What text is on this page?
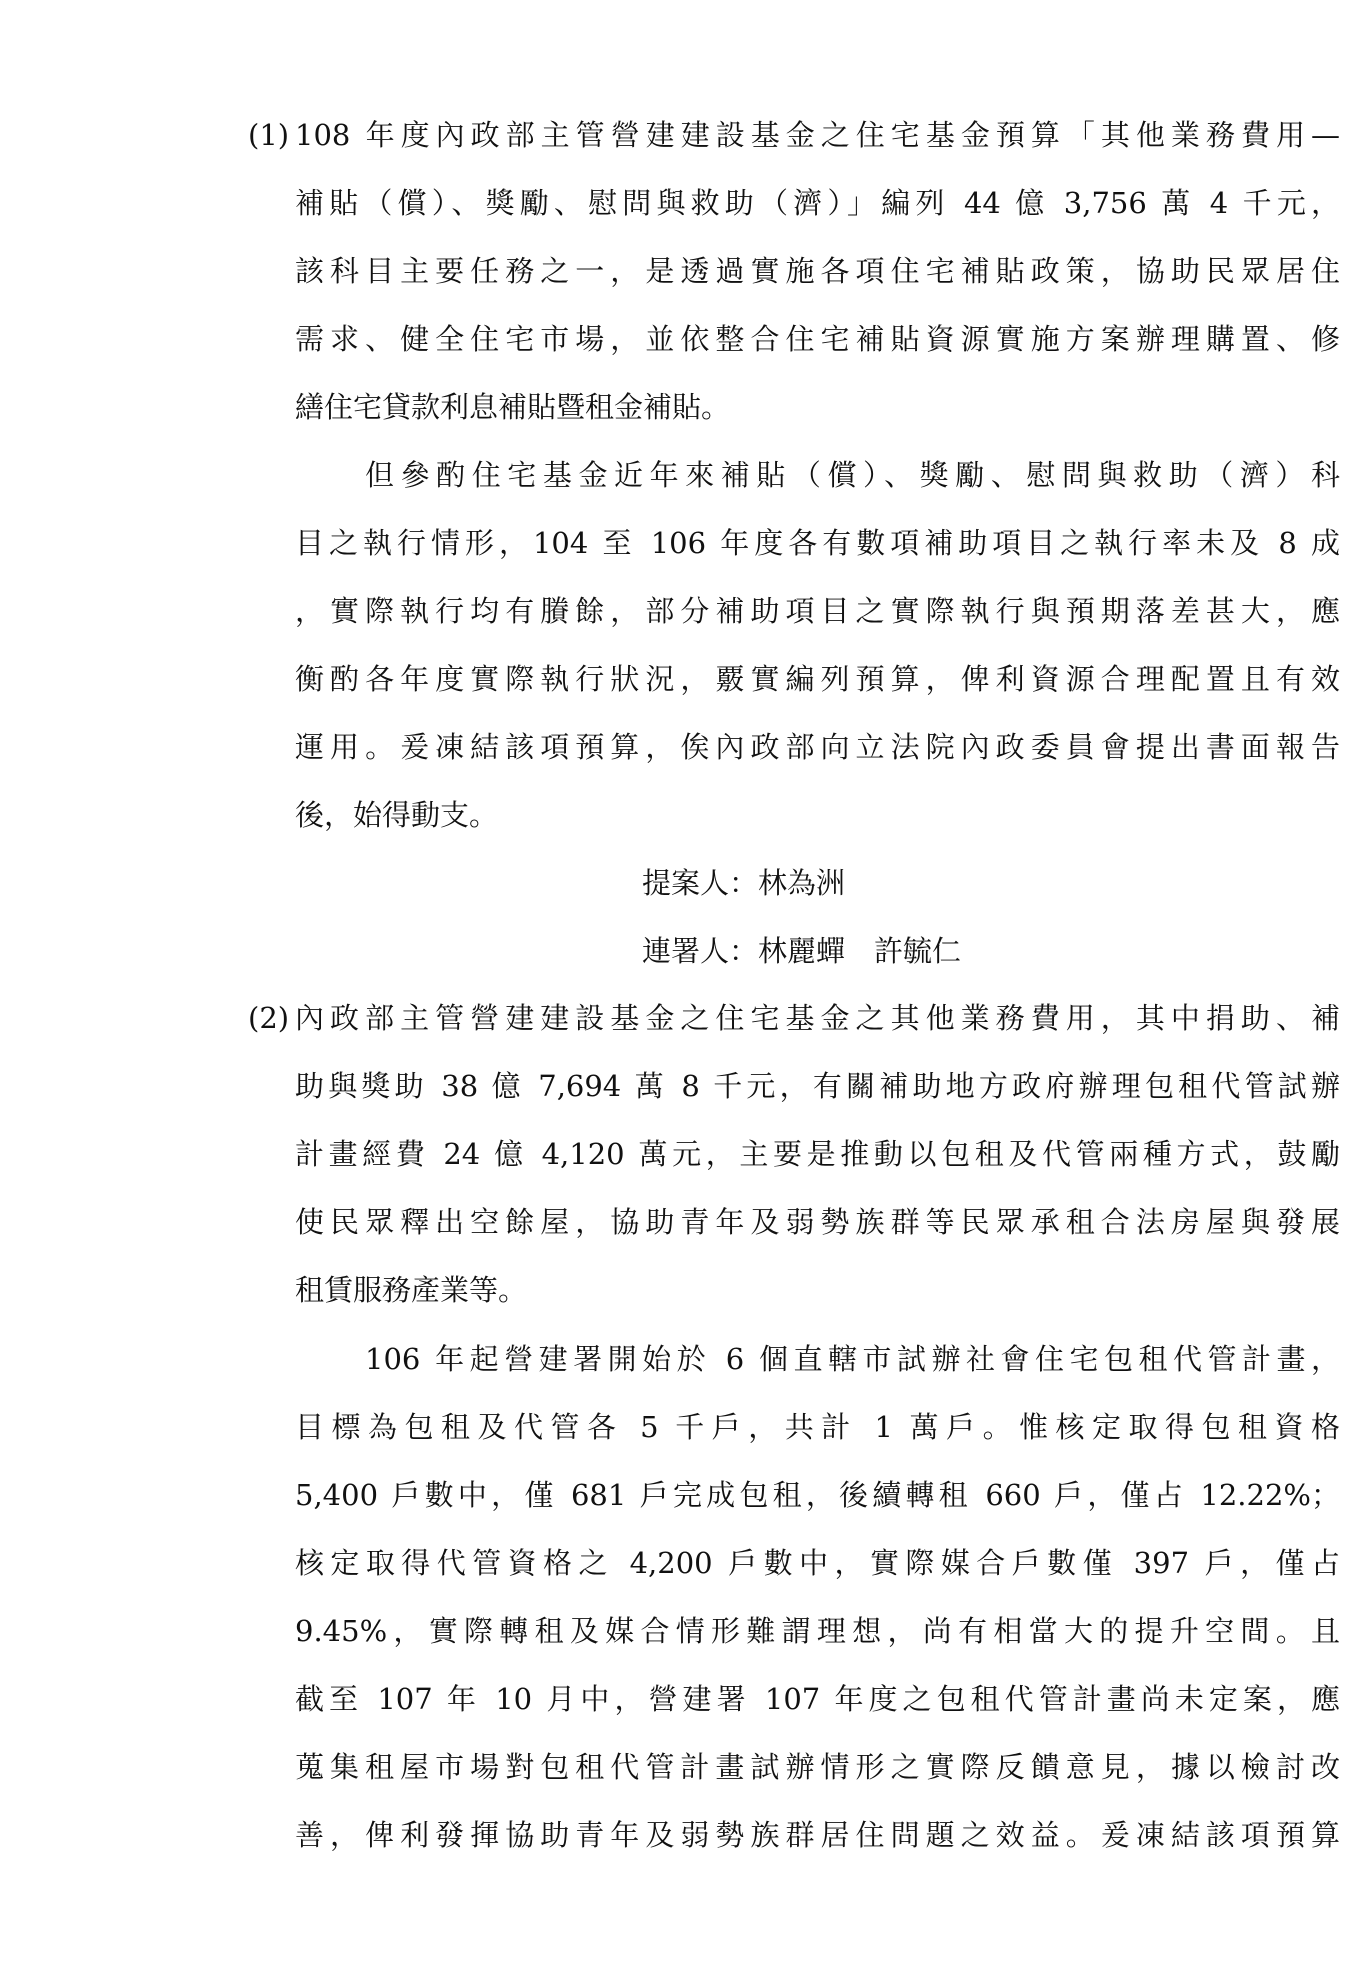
(1) 108 年度內政部主管營建建設基金之住宅基金預算「其他業務費用—
補貼（償）、獎勵、慰問與救助（濟）」編列 44 億 3,756 萬 4 千元，
該科目主要任務之一，是透過實施各項住宅補貼政策，協助民眾居住
需求、健全住宅市場，並依整合住宅補貼資源實施方案辦理購置、修
繕住宅貸款利息補貼暨租金補貼。
但參酌住宅基金近年來補貼（償）、獎勵、慰問與救助（濟）科
目之執行情形，104 至 106 年度各有數項補助項目之執行率未及 8 成
，實際執行均有賸餘，部分補助項目之實際執行與預期落差甚大，應
衡酌各年度實際執行狀況，覈實編列預算，俾利資源合理配置且有效
運用。爰凍結該項預算，俟內政部向立法院內政委員會提出書面報告
後，始得動支。
提案人：林為洲
連署人：林麗蟬　許毓仁
(2) 內政部主管營建建設基金之住宅基金之其他業務費用，其中捐助、補
助與獎助 38 億 7,694 萬 8 千元，有關補助地方政府辦理包租代管試辦
計畫經費 24 億 4,120 萬元，主要是推動以包租及代管兩種方式，鼓勵
使民眾釋出空餘屋，協助青年及弱勢族群等民眾承租合法房屋與發展
租賃服務產業等。
106 年起營建署開始於 6 個直轄市試辦社會住宅包租代管計畫，
目標為包租及代管各 5 千戶，共計 1 萬戶。惟核定取得包租資格
5,400 戶數中，僅 681 戶完成包租，後續轉租 660 戶，僅占 12.22%；
核定取得代管資格之 4,200 戶數中，實際媒合戶數僅 397 戶，僅占
9.45%，實際轉租及媒合情形難謂理想，尚有相當大的提升空間。且
截至 107 年 10 月中，營建署 107 年度之包租代管計畫尚未定案，應
蒐集租屋市場對包租代管計畫試辦情形之實際反饋意見，據以檢討改
善，俾利發揮協助青年及弱勢族群居住問題之效益。爰凍結該項預算
